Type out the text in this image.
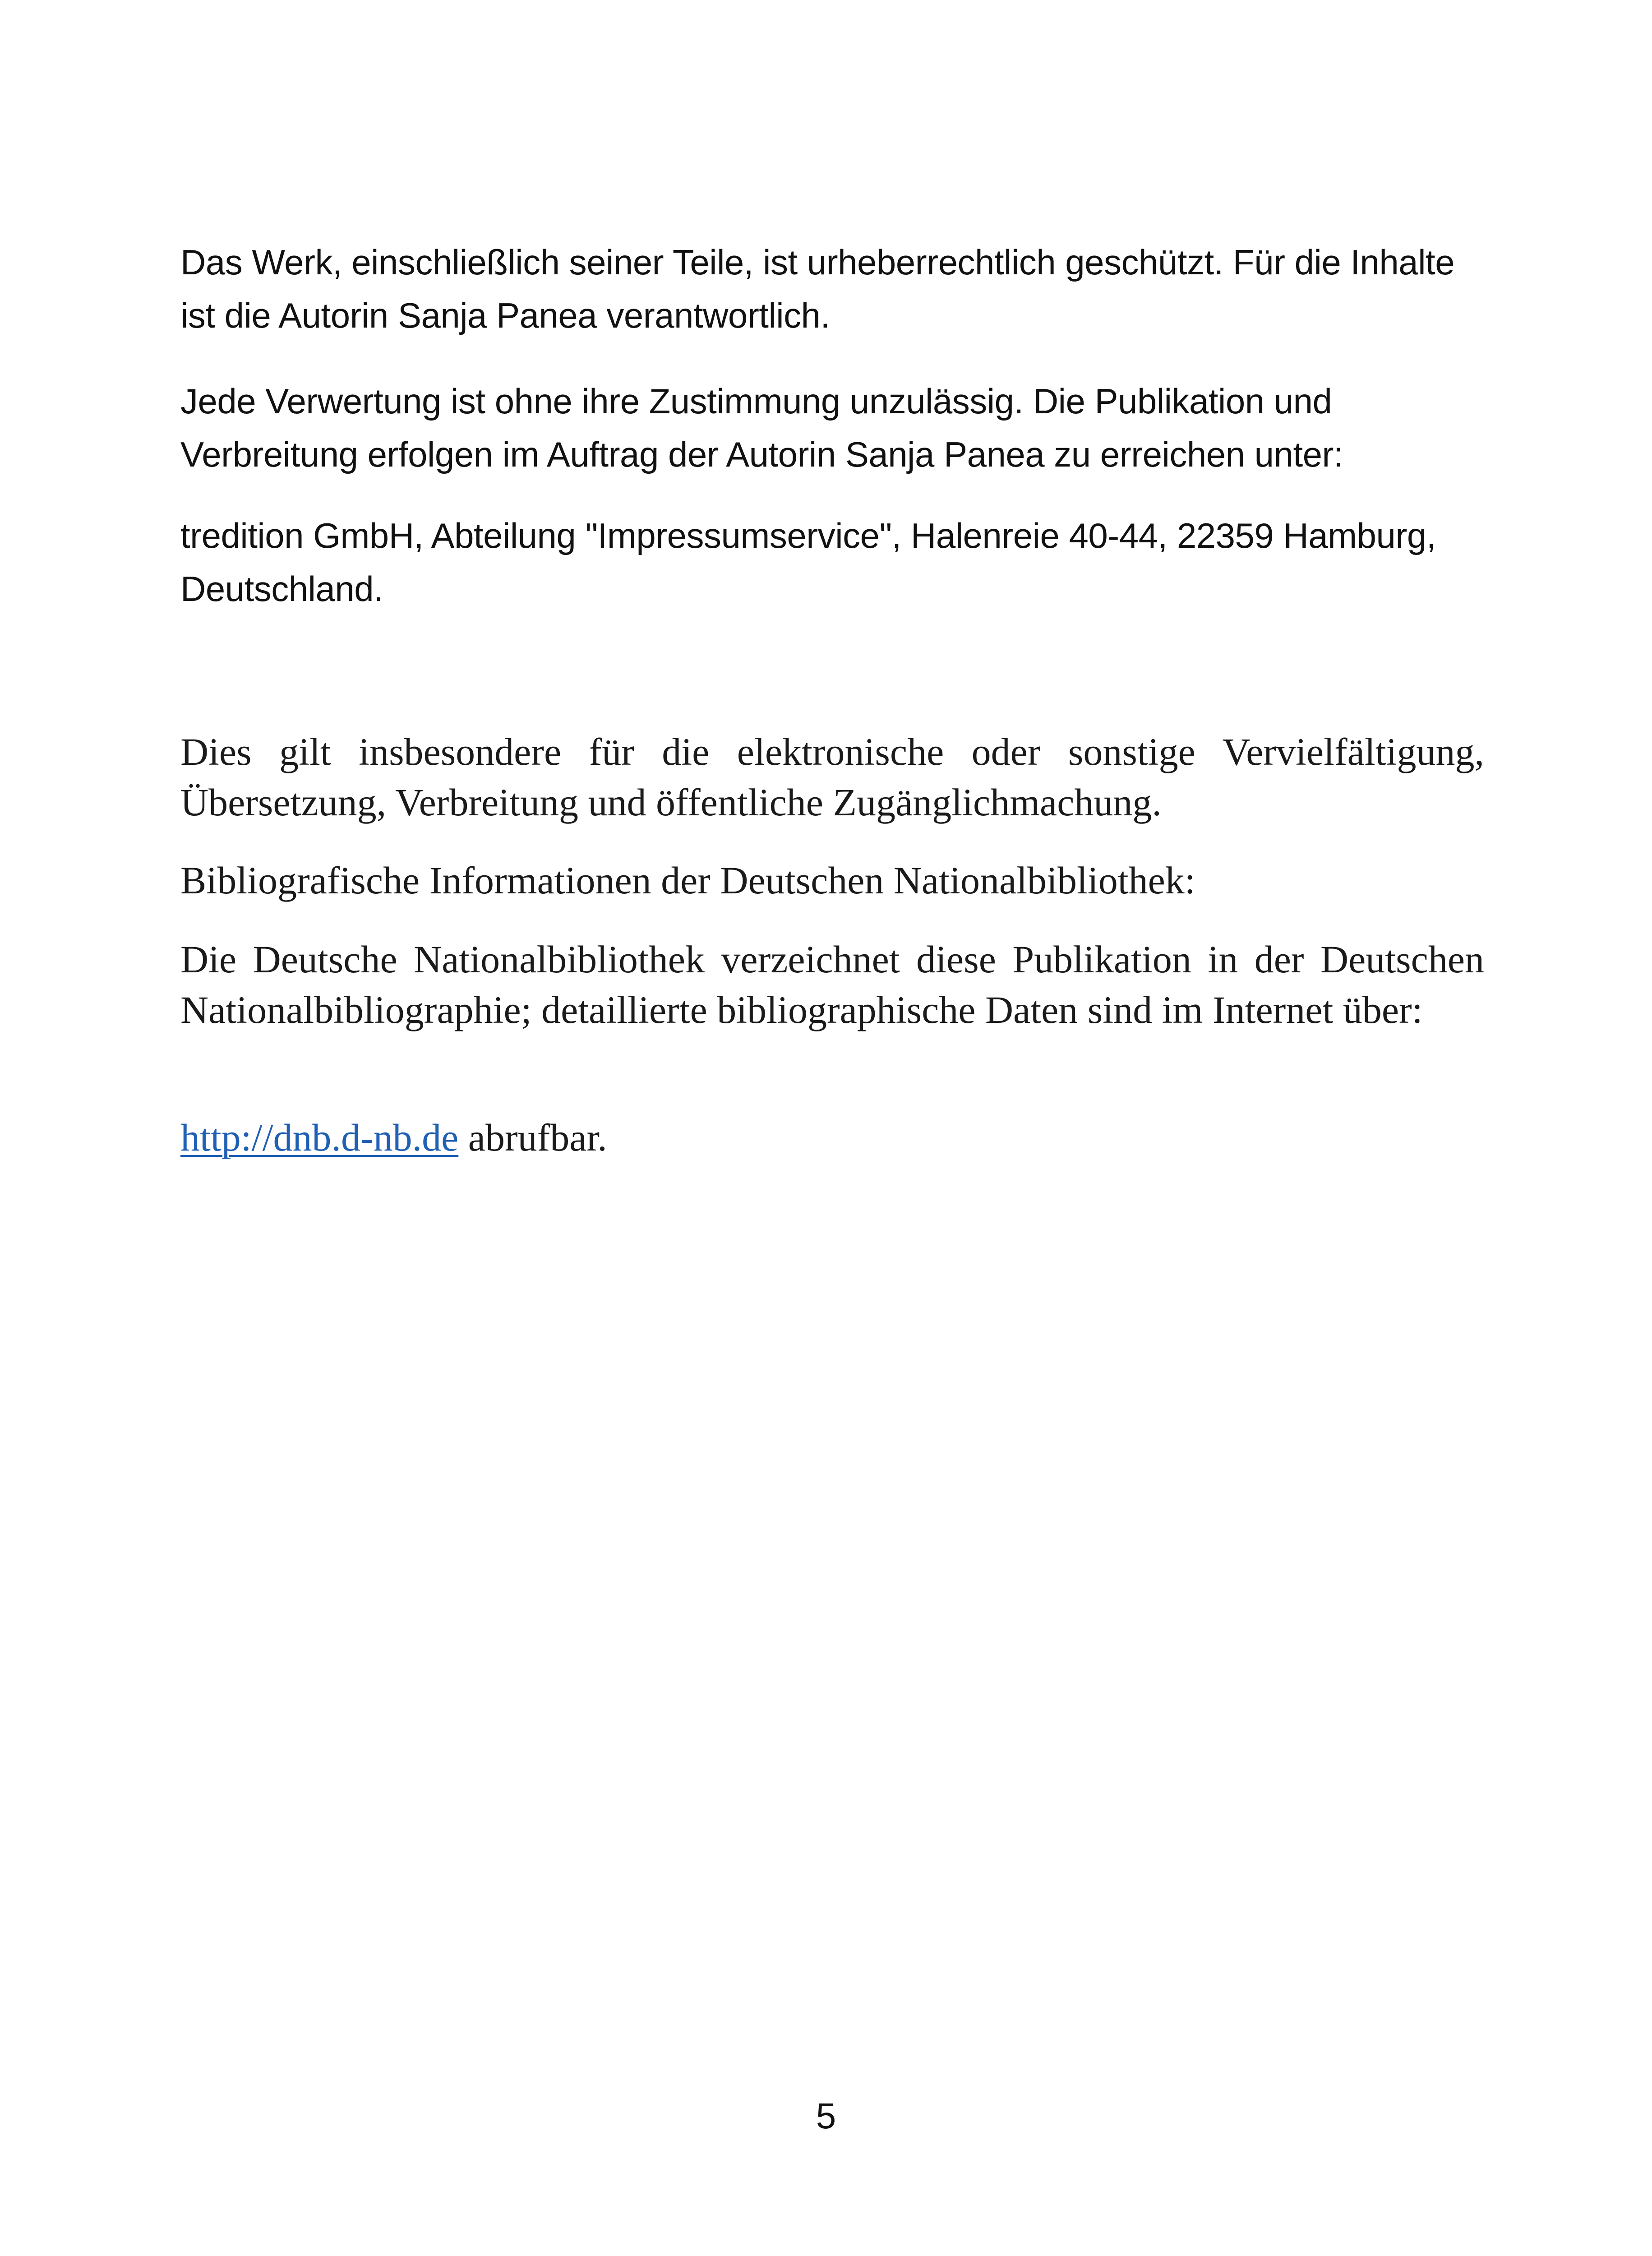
Das Werk, einschließlich seiner Teile, ist urheberrechtlich geschützt. Für die Inhalte ist die Autorin Sanja Panea verantwortlich.

Jede Verwertung ist ohne ihre Zustimmung unzulässig. Die Publikation und Verbreitung erfolgen im Auftrag der Autorin Sanja Panea zu erreichen unter:

tredition GmbH, Abteilung "Impressumservice", Halenreie 40-44, 22359 Hamburg, Deutschland.

Dies gilt insbesondere für die elektronische oder sonstige Vervielfältigung, Übersetzung, Verbreitung und öffentliche Zugänglichmachung.

Bibliografische Informationen der Deutschen Nationalbibliothek:

Die Deutsche Nationalbibliothek verzeichnet diese Publikation in der Deutschen Nationalbibliographie; detaillierte bibliographische Daten sind im Internet über:

http://dnb.d-nb.de abrufbar.

5
